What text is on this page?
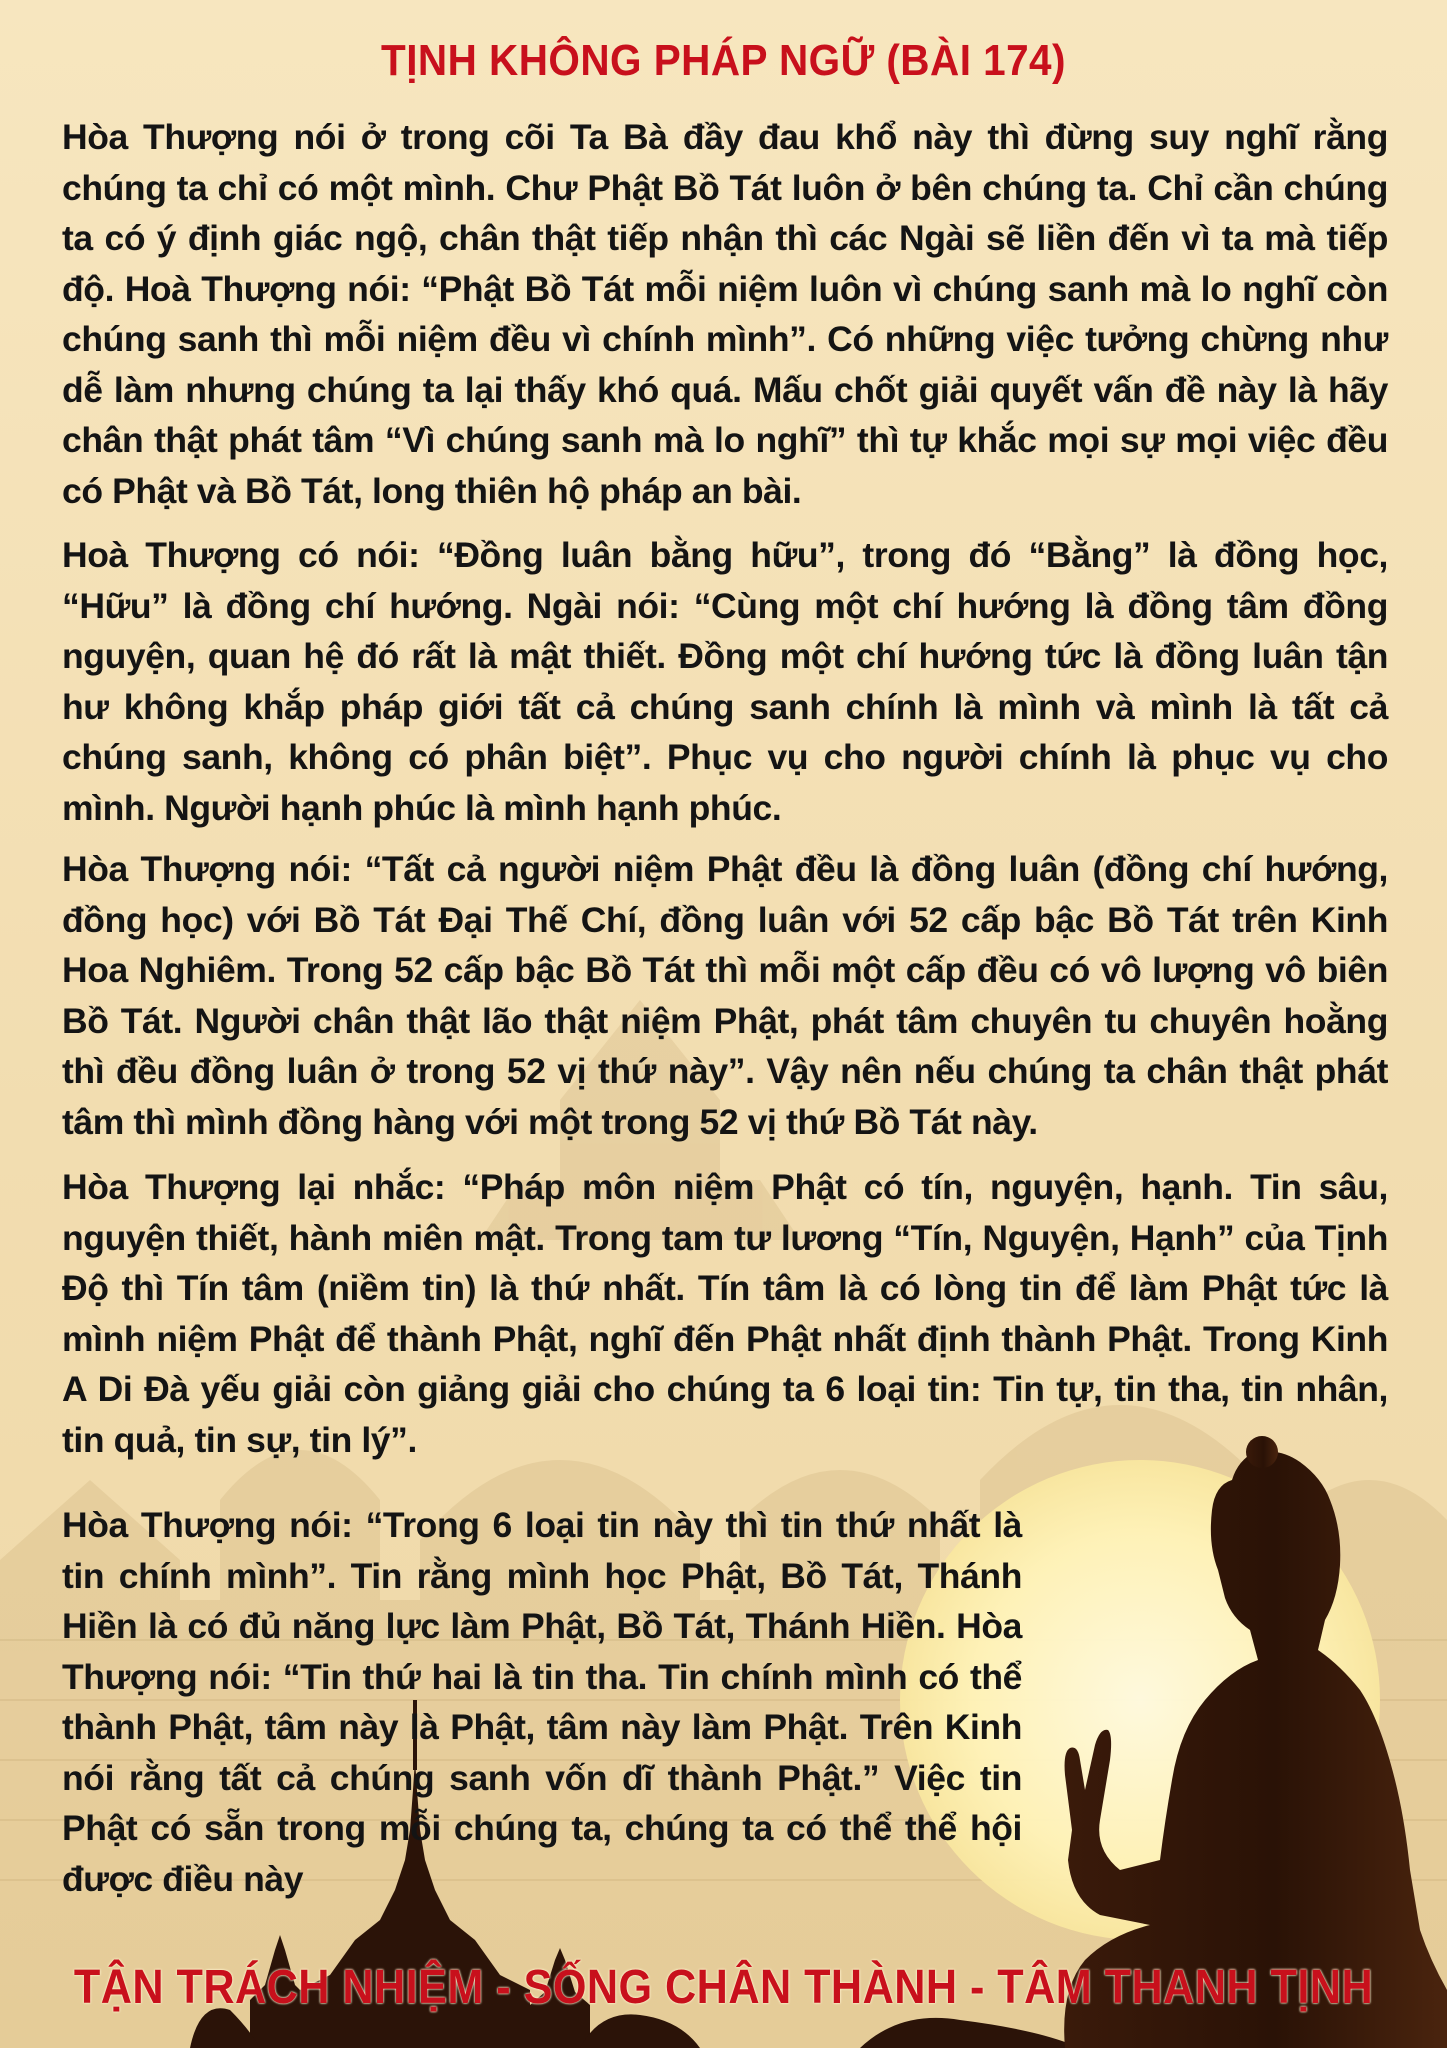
TỊNH KHÔNG PHÁP NGỮ (BÀI 174)

Hòa Thượng nói ở trong cõi Ta Bà đầy đau khổ này thì đừng suy nghĩ rằng chúng ta chỉ có một mình. Chư Phật Bồ Tát luôn ở bên chúng ta. Chỉ cần chúng ta có ý định giác ngộ, chân thật tiếp nhận thì các Ngài sẽ liền đến vì ta mà tiếp độ. Hoà Thượng nói: “Phật Bồ Tát mỗi niệm luôn vì chúng sanh mà lo nghĩ còn chúng sanh thì mỗi niệm đều vì chính mình”. Có những việc tưởng chừng như dễ làm nhưng chúng ta lại thấy khó quá. Mấu chốt giải quyết vấn đề này là hãy chân thật phát tâm “Vì chúng sanh mà lo nghĩ” thì tự khắc mọi sự mọi việc đều có Phật và Bồ Tát, long thiên hộ pháp an bài.

Hoà Thượng có nói: “Đồng luân bằng hữu”, trong đó “Bằng” là đồng học, “Hữu” là đồng chí hướng. Ngài nói: “Cùng một chí hướng là đồng tâm đồng nguyện, quan hệ đó rất là mật thiết. Đồng một chí hướng tức là đồng luân tận hư không khắp pháp giới tất cả chúng sanh chính là mình và mình là tất cả chúng sanh, không có phân biệt”. Phục vụ cho người chính là phục vụ cho mình. Người hạnh phúc là mình hạnh phúc.

Hòa Thượng nói: “Tất cả người niệm Phật đều là đồng luân (đồng chí hướng, đồng học) với Bồ Tát Đại Thế Chí, đồng luân với 52 cấp bậc Bồ Tát trên Kinh Hoa Nghiêm. Trong 52 cấp bậc Bồ Tát thì mỗi một cấp đều có vô lượng vô biên Bồ Tát. Người chân thật lão thật niệm Phật, phát tâm chuyên tu chuyên hoằng thì đều đồng luân ở trong 52 vị thứ này”. Vậy nên nếu chúng ta chân thật phát tâm thì mình đồng hàng với một trong 52 vị thứ Bồ Tát này.

Hòa Thượng lại nhắc: “Pháp môn niệm Phật có tín, nguyện, hạnh. Tin sâu, nguyện thiết, hành miên mật. Trong tam tư lương “Tín, Nguyện, Hạnh” của Tịnh Độ thì Tín tâm (niềm tin) là thứ nhất. Tín tâm là có lòng tin để làm Phật tức là mình niệm Phật để thành Phật, nghĩ đến Phật nhất định thành Phật. Trong Kinh A Di Đà yếu giải còn giảng giải cho chúng ta 6 loại tin: Tin tự, tin tha, tin nhân, tin quả, tin sự, tin lý”.

Hòa Thượng nói: “Trong 6 loại tin này thì tin thứ nhất là tin chính mình”. Tin rằng mình học Phật, Bồ Tát, Thánh Hiền là có đủ năng lực làm Phật, Bồ Tát, Thánh Hiền. Hòa Thượng nói: “Tin thứ hai là tin tha. Tin chính mình có thể thành Phật, tâm này là Phật, tâm này làm Phật. Trên Kinh nói rằng tất cả chúng sanh vốn dĩ thành Phật.” Việc tin Phật có sẵn trong mỗi chúng ta, chúng ta có thể thể hội được điều này

TẬN TRÁCH NHIỆM - SỐNG CHÂN THÀNH - TÂM THANH TỊNH
